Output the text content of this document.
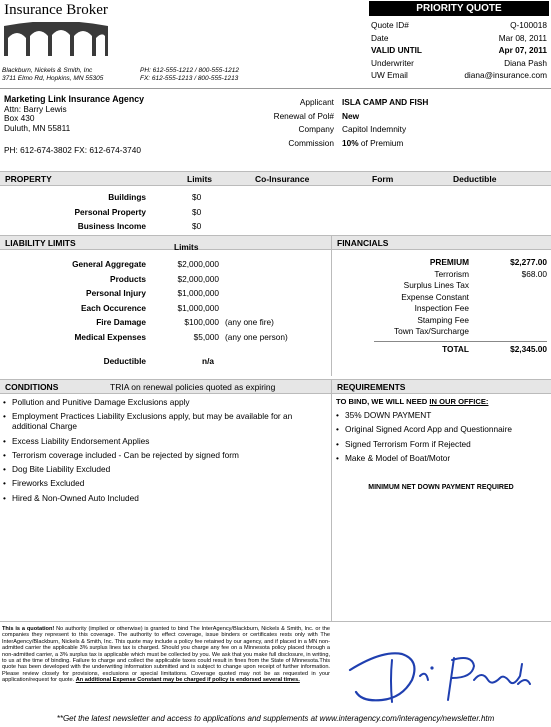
Insurance Broker
Blackburn, Nickels & Smith, Inc
3711 Elmo Rd, Hopkins, MN 55305
PH: 612-555-1212 / 800-555-1212
FX: 612-555-1213 / 800-555-1213
PRIORITY QUOTE
Quote ID#	Q-100018
Date	Mar 08, 2011
VALID UNTIL	Apr 07, 2011
Underwriter	Diana Pash
UW Email	diana@insurance.com
Marketing Link Insurance Agency
Attn: Barry Lewis
Box 430
Duluth, MN 55811
PH: 612-674-3802 FX: 612-674-3740
Applicant ISLA CAMP AND FISH
Renewal of Pol# New
Company Capitol Indemnity
Commission 10% of Premium
PROPERTY	Limits	Co-Insurance	Form	Deductible
Buildings	$0
Personal Property	$0
Business Income	$0
LIABILITY LIMITS	Limits
General Aggregate	$2,000,000
Products	$2,000,000
Personal Injury	$1,000,000
Each Occurence	$1,000,000
Fire Damage	$100,000 (any one fire)
Medical Expenses	$5,000 (any one person)
Deductible	n/a
FINANCIALS
PREMIUM	$2,277.00
Terrorism	$68.00
Surplus Lines Tax
Expense Constant
Inspection Fee
Stamping Fee
Town Tax/Surcharge
TOTAL	$2,345.00
CONDITIONS	TRIA on renewal policies quoted as expiring
• Pollution and Punitive Damage Exclusions apply
• Employment Practices Liability Exclusions apply, but may be available for an additional Charge
• Excess Liability Endorsement Applies
• Terrorism coverage included - Can be rejected by signed form
• Dog Bite Liability Excluded
• Fireworks Excluded
• Hired & Non-Owned Auto Included
REQUIREMENTS
TO BIND, WE WILL NEED IN OUR OFFICE:
• 35% DOWN PAYMENT
• Original Signed Acord App and Questionnaire
• Signed Terrorism Form if Rejected
• Make & Model of Boat/Motor
MINIMUM NET DOWN PAYMENT REQUIRED
This is a quotation! No authority (implied or otherwise) is granted to bind The InterAgency/Blackburn, Nickels & Smith, Inc. or the companies they represent to this coverage. The authority to effect coverage, issue binders or certificates rests only with The InterAgency/Blackburn, Nickels & Smith, Inc. This quote may include a policy fee retained by our agency, and if placed in a MN non-admitted carrier the applicable 3% surplus lines tax is charged. Should you charge any fee on a Minnesota policy placed through a non-admitted carrier, a 3% surplus tax is applicable which must be collected by you. We ask that you make full disclosure, in writing, to us at the time of binding. Failure to charge and collect the applicable taxes could result in fines from the State of Minnesota.This quote has been developed with the underwriting information submitted and is subject to change upon receipt of further information. Please review closely for provisions, exclusions or special limitations. Coverage quoted may not be as requested in your application/request for quote. An additional Expense Constant may be charged if policy is endorsed several times.
**Get the latest newsletter and access to applications and supplements at www.interagency.com/interagency/newsletter.htm
